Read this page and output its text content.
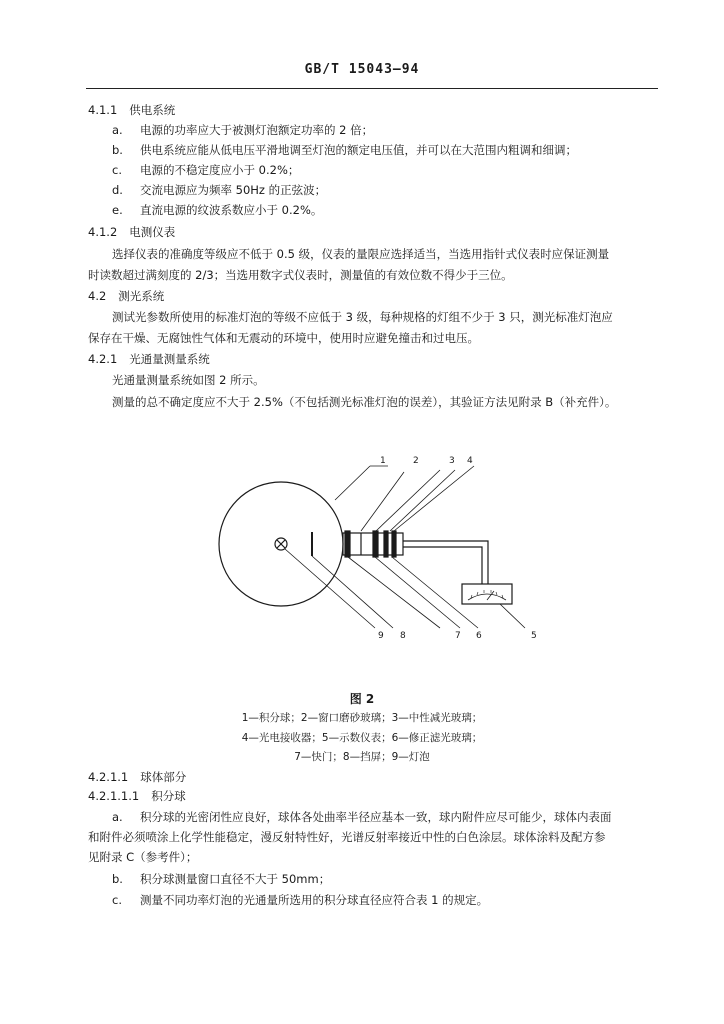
GB/T 15043—94
4.1.1 供电系统
a. 电源的功率应大于被测灯泡额定功率的 2 倍；
b. 供电系统应能从低电压平滑地调至灯泡的额定电压值，并可以在大范围内粗调和细调；
c. 电源的不稳定度应小于 0.2%；
d. 交流电源应为频率 50Hz 的正弦波；
e. 直流电源的纹波系数应小于 0.2%。
4.1.2 电测仪表
选择仪表的准确度等级应不低于 0.5 级，仪表的量限应选择适当，当选用指针式仪表时应保证测量
时读数超过满刻度的 2/3；当选用数字式仪表时，测量值的有效位数不得少于三位。
4.2 测光系统
测试光参数所使用的标准灯泡的等级不应低于 3 级，每种规格的灯组不少于 3 只，测光标准灯泡应
保存在干燥、无腐蚀性气体和无震动的环境中，使用时应避免撞击和过电压。
4.2.1 光通量测量系统
光通量测量系统如图 2 所示。
测量的总不确定度应不大于 2.5%（不包括测光标准灯泡的误差），其验证方法见附录 B（补充件）。
1	2	3 4
9 8	7 6	5
图 2
1—积分球；2—窗口磨砂玻璃；3—中性减光玻璃；
4—光电接收器；5—示数仪表；6—修正滤光玻璃；
7—快门；8—挡屏；9—灯泡
4.2.1.1 球体部分
4.2.1.1.1 积分球
a. 积分球的光密闭性应良好，球体各处曲率半径应基本一致，球内附件应尽可能少，球体内表面
和附件必须喷涂上化学性能稳定，漫反射特性好，光谱反射率接近中性的白色涂层。球体涂料及配方参
见附录 C（参考件）；
b. 积分球测量窗口直径不大于 50mm；
c. 测量不同功率灯泡的光通量所选用的积分球直径应符合表 1 的规定。
